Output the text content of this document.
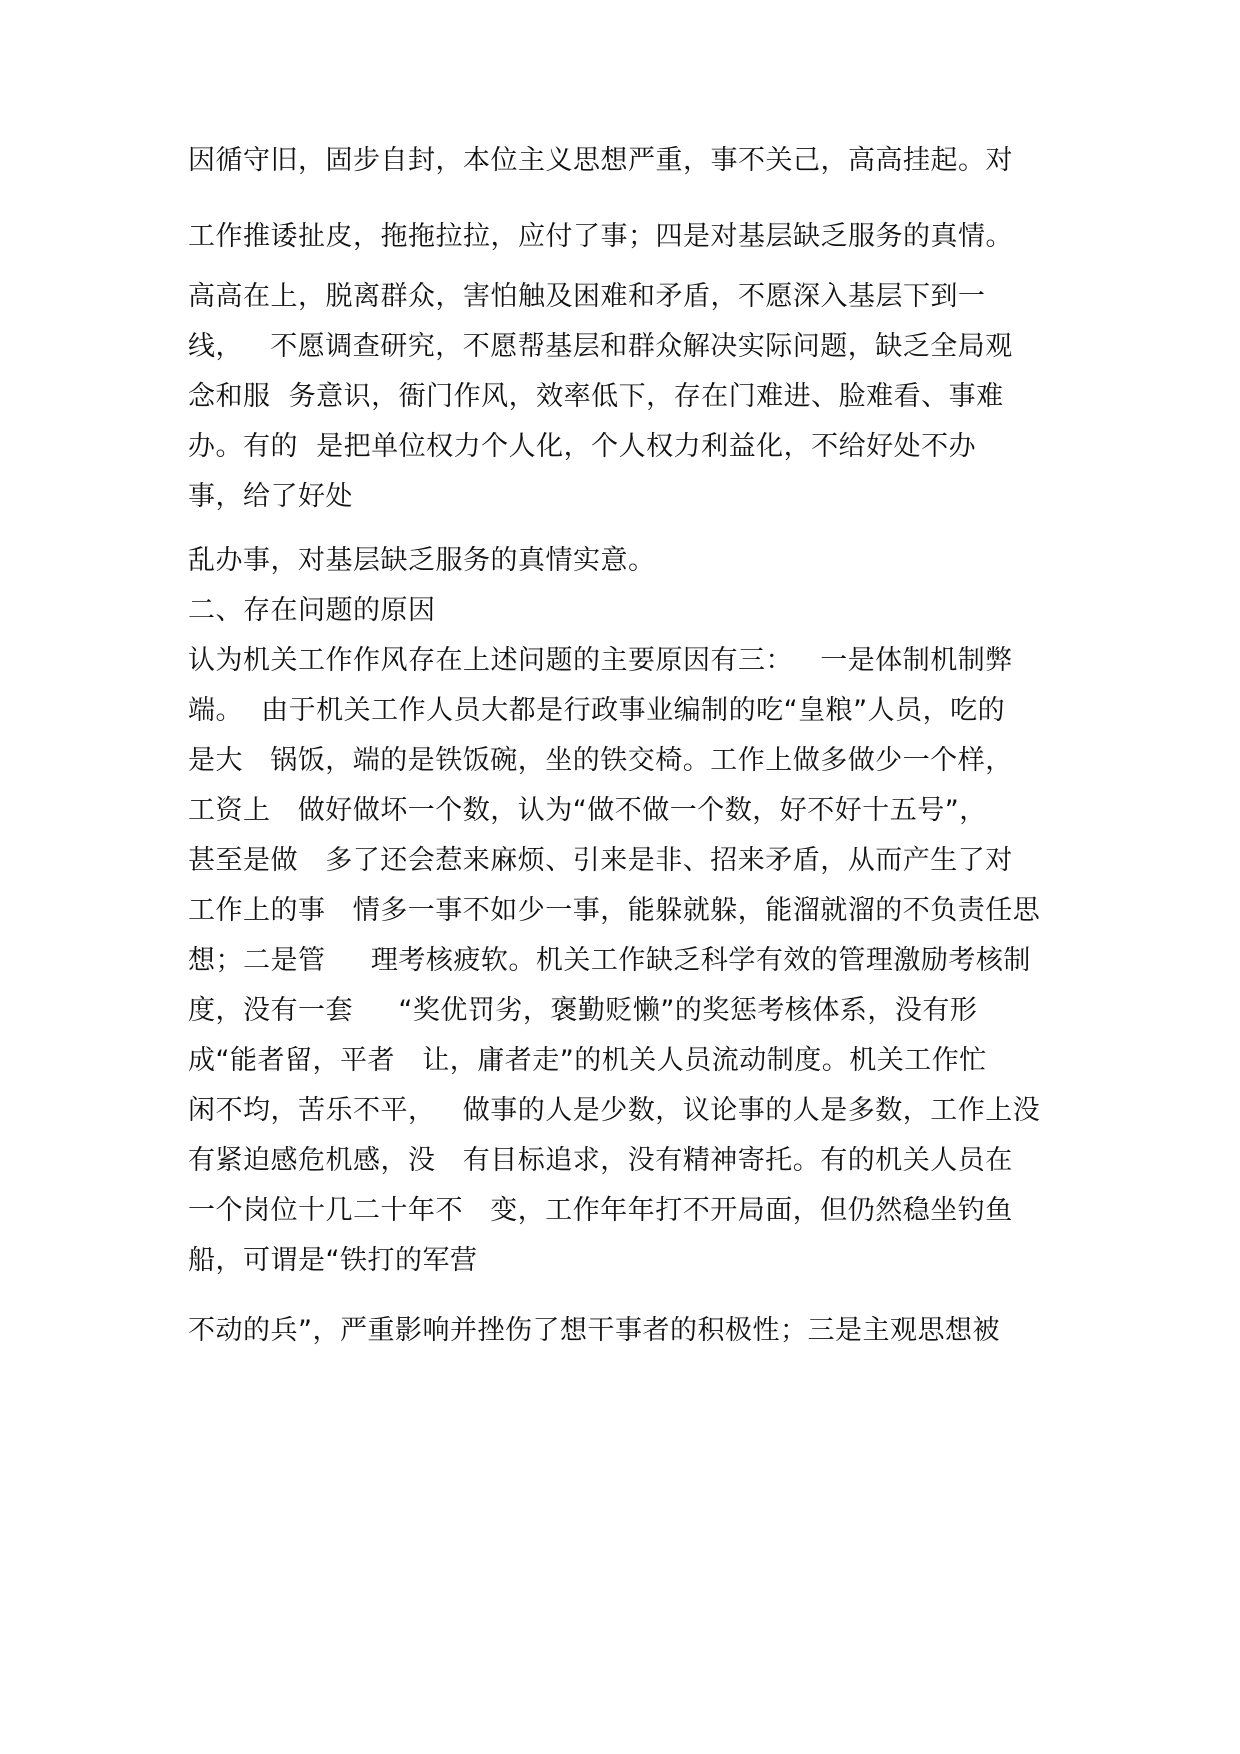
因循守旧，固步自封，本位主义思想严重，事不关己，高高挂起。对
工作推诿扯皮，拖拖拉拉，应付了事；四是对基层缺乏服务的真情。
高高在上，脱离群众，害怕触及困难和矛盾，不愿深入基层下到一
线，   不愿调查研究，不愿帮基层和群众解决实际问题，缺乏全局观
念和服  务意识，衙门作风，效率低下，存在门难进、脸难看、事难
办。有的  是把单位权力个人化，个人权力利益化，不给好处不办
事，给了好处
乱办事，对基层缺乏服务的真情实意。
二、存在问题的原因
认为机关工作作风存在上述问题的主要原因有三：   一是体制机制弊
端。  由于机关工作人员大都是行政事业编制的吃“皇粮”人员，吃的
是大   锅饭，端的是铁饭碗，坐的铁交椅。工作上做多做少一个样，
工资上   做好做坏一个数，认为“做不做一个数，好不好十五号”，
甚至是做   多了还会惹来麻烦、引来是非、招来矛盾，从而产生了对
工作上的事   情多一事不如少一事，能躲就躲，能溜就溜的不负责任思
想；二是管     理考核疲软。机关工作缺乏科学有效的管理激励考核制
度，没有一套     “奖优罚劣，褒勤贬懒”的奖惩考核体系，没有形
成“能者留，平者   让，庸者走”的机关人员流动制度。机关工作忙
闲不均，苦乐不平，   做事的人是少数，议论事的人是多数，工作上没
有紧迫感危机感，没   有目标追求，没有精神寄托。有的机关人员在
一个岗位十几二十年不   变，工作年年打不开局面，但仍然稳坐钓鱼
船，可谓是“铁打的军营
不动的兵”，严重影响并挫伤了想干事者的积极性；三是主观思想被
